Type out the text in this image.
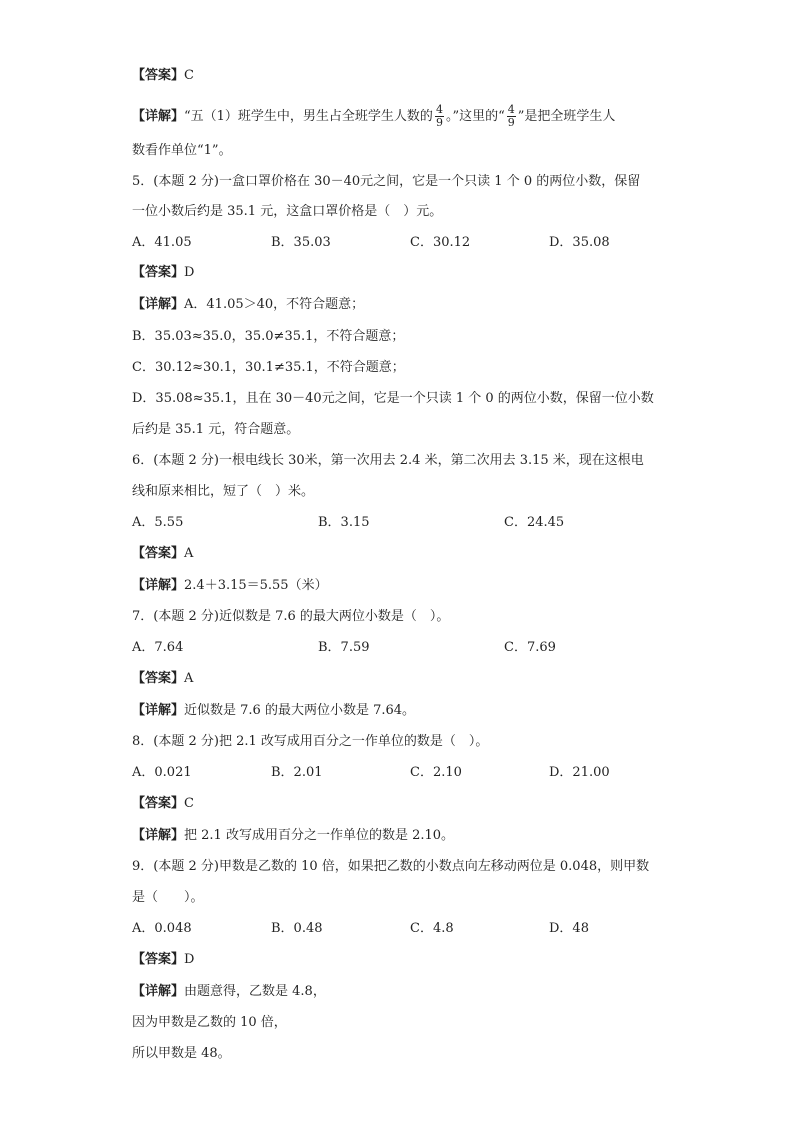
【答案】C
【详解】“五（1）班学生中，男生占全班学生人数的 $\frac{4}{9}$ 。”这里的“ $\frac{4}{9}$ ”是把全班学生人
数看作单位“1”。
5．(本题 2 分)一盒口罩价格在 30－40元之间，它是一个只读 1 个 0 的两位小数，保留
一位小数后约是 35.1 元，这盒口罩价格是（　）元。
A．41.05	B．35.03	C．30.12	D．35.08
【答案】D
【详解】A．41.05＞40，不符合题意；
B．35.03≈35.0，35.0≠35.1，不符合题意；
C．30.12≈30.1，30.1≠35.1，不符合题意；
D．35.08≈35.1，且在 30－40元之间，它是一个只读 1 个 0 的两位小数，保留一位小数
后约是 35.1 元，符合题意。
6．(本题 2 分)一根电线长 30米，第一次用去 2.4 米，第二次用去 3.15 米，现在这根电
线和原来相比，短了（　）米。
A．5.55	B．3.15	C．24.45
【答案】A
【详解】2.4＋3.15＝5.55（米）
7．(本题 2 分)近似数是 7.6 的最大两位小数是（　）。
A．7.64	B．7.59	C．7.69
【答案】A
【详解】近似数是 7.6 的最大两位小数是 7.64。
8．(本题 2 分)把 2.1 改写成用百分之一作单位的数是（　）。
A．0.021	B．2.01	C．2.10	D．21.00
【答案】C
【详解】把 2.1 改写成用百分之一作单位的数是 2.10。
9．(本题 2 分)甲数是乙数的 10 倍，如果把乙数的小数点向左移动两位是 0.048，则甲数
是（　　）。
A．0.048	B．0.48	C．4.8	D．48
【答案】D
【详解】由题意得，乙数是 4.8，
因为甲数是乙数的 10 倍，
所以甲数是 48。
